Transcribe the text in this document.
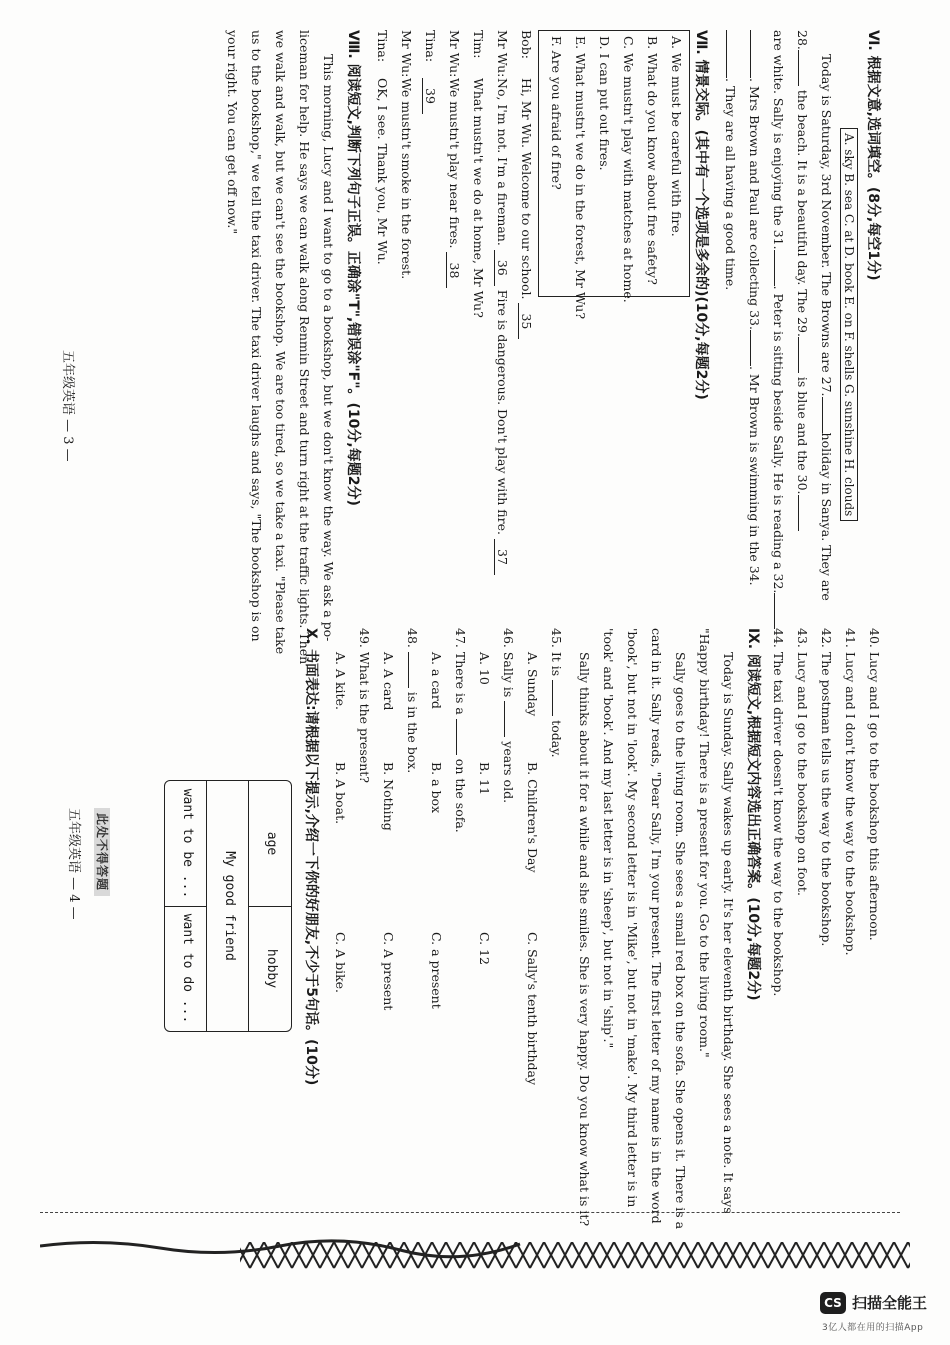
Ⅵ. 根据文意,选词填空。(8分,每空1分)
A. sky B. sea C. at D. book E. on F. shells G. sunshine H. clouds
Today is Saturday, 3rd November. The Browns are 27.holiday in Sanya. They are
28. the beach. It is a beautiful day. The 29. is blue and the 30.
are white. Sally is enjoying the 31.. Peter is sitting beside Sally. He is reading a 32.
. Mrs Brown and Paul are collecting 33.. Mr Brown is swimming in the 34.
. They are all having a good time.
Ⅶ. 情景交际。(其中有一个选项是多余的)(10分,每题2分)
A. We must be careful with fire.
B. What do you know about fire safety?
C. We mustn't play with matches at home.
D. I can put out fires.
E. What mustn't we do in the forest, Mr Wu?
F. Are you afraid of fire?
Bob:Hi, Mr Wu. Welcome to our school. 35
Mr Wu:No, I'm not. I'm a fireman. 36 Fire is dangerous. Don't play with fire. 37
Tim:What mustn't we do at home, Mr Wu?
Mr Wu:We mustn't play near fires. 38
Tina:39
Mr Wu:We mustn't smoke in the forest.
Tina:OK, I see. Thank you, Mr Wu.
Ⅷ. 阅读短文,判断下列句子正误。正确涂"T",错误涂"F"。(10分,每题2分)
This morning, Lucy and I want to go to a bookshop, but we don't know the way. We ask a po-
liceman for help. He says we can walk along Renmin Street and turn right at the traffic lights. Then
we walk and walk, but we can't see the bookshop. We are too tired, so we take a taxi. "Please take
us to the bookshop," we tell the taxi driver. The taxi driver laughs and says, "The bookshop is on
your right. You can get off now."
五年级英语 — 3 —
40. Lucy and I go to the bookshop this afternoon.
41. Lucy and I don't know the way to the bookshop.
42. The postman tells us the way to the bookshop.
43. Lucy and I go to the bookshop on foot.
44. The taxi driver doesn't know the way to the bookshop.
Ⅸ. 阅读短文,根据短文内容选出正确答案。(10分,每题2分)
Today is Sunday. Sally wakes up early. It's her eleventh birthday. She sees a note. It says
"Happy birthday! There is a present for you. Go to the living room."
Sally goes to the living room. She sees a small red box on the sofa. She opens it. There is a
card in it. Sally reads, "Dear Sally, I'm your present. The first letter of my name is in the word
'book', but not in 'look'. My second letter is in 'Mike', but not in 'make'. My third letter is in
'took' and 'book'. And my last letter is in 'sheep', but not in 'ship'."
Sally thinks about it for a while and she smiles. She is very happy. Do you know what is it?
45. It is  today.
A. SundayB. Children's DayC. Sally's tenth birthday
46. Sally is  years old.
A. 10B. 11C. 12
47. There is a  on the sofa.
A. a cardB. a boxC. a present
48.  is in the box.
A. A cardB. NothingC. A present
49. What is the present?
A. A kite.B. A boat.C. A bike.
Ⅹ. 书面表达:请根据以下提示,介绍一下你的好朋友,不少于5句话。(10分)
age
hobby
My good friend
want to be ...
want to do ...
此处不得答题
五年级英语 — 4 —
CS 扫描全能王
3亿人都在用的扫描App
